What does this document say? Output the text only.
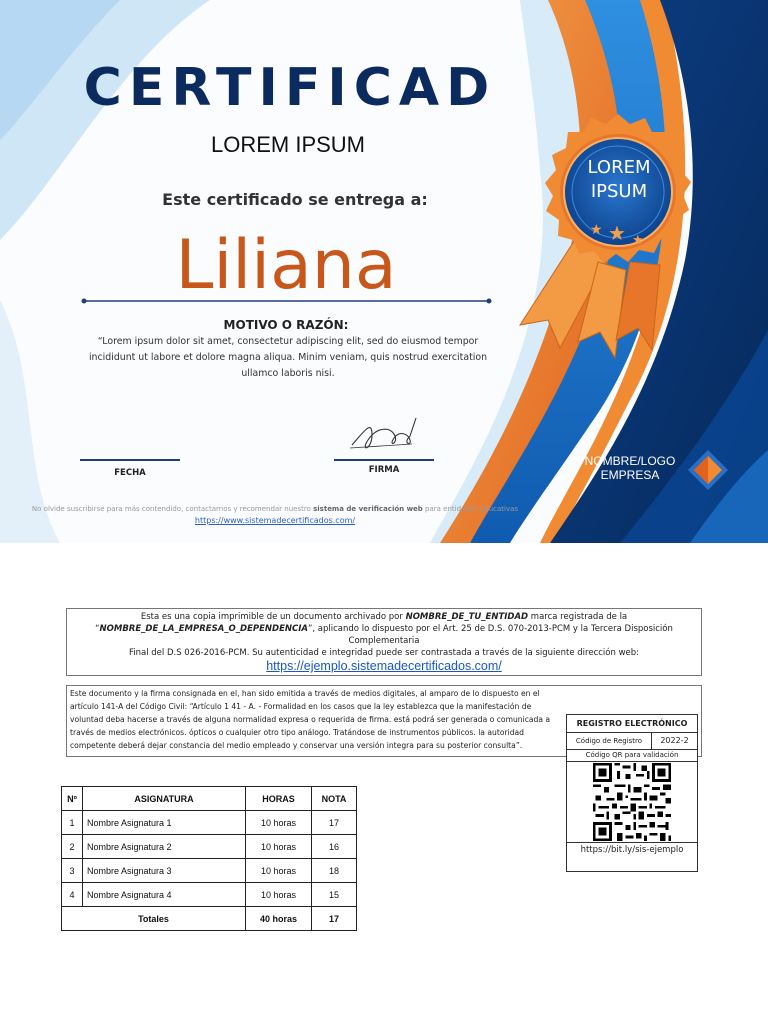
★ ★ ★
CERTIFICAD
LOREM IPSUM
Este certificado se entrega a:
Liliana
MOTIVO O RAZÓN:
“Lorem ipsum dolor sit amet, consectetur adipiscing elit, sed do eiusmod tempor incididunt ut labore et dolore magna aliqua. Minim veniam, quis nostrud exercitation ullamco laboris nisi.
LOREM IPSUM
FECHA	FIRMA
NOMBRE/LOGO EMPRESA
No olvide suscribirse para más contendido, contactarnos y recomendar nuestro sistema de verificación web para entidades educativas
https://www.sistemadecertificados.com/
Esta es una copia imprimible de un documento archivado por NOMBRE_DE_TU_ENTIDAD marca registrada de la
“NOMBRE_DE_LA_EMPRESA_O_DEPENDENCIA”, aplicando lo dispuesto por el Art. 25 de D.S. 070-2013-PCM y la Tercera Disposición Complementaria
Final del D.S 026-2016-PCM. Su autenticidad e integridad puede ser contrastada a través de la siguiente dirección web:
https://ejemplo.sistemadecertificados.com/
Este documento y la firma consignada en el, han sido emitida a través de medios digitales, al amparo de lo dispuesto en el artículo 141-A del Código Civil: “Artículo 1 41 - A. - Formalidad en los casos que la ley establezca que la manifestación de voluntad deba hacerse a través de alguna normalidad expresa o requerida de firma. está podrá ser generada o comunicada a través de medios electrónicos. ópticos o cualquier otro tipo análogo. Tratándose de instrumentos públicos. la autoridad competente deberá dejar constancia del medio empleado y conservar una versión integra para su posterior consulta”.
REGISTRO ELECTRÓNICO
Código de Registro	2022-2
Código QR para validación
https://bit.ly/sis-ejemplo
Nº	ASIGNATURA	HORAS	NOTA
1	Nombre Asignatura 1	10 horas	17
2	Nombre Asignatura 2	10 horas	16
3	Nombre Asignatura 3	10 horas	18
4	Nombre Asignatura 4	10 horas	15
Totales		40 horas	17
